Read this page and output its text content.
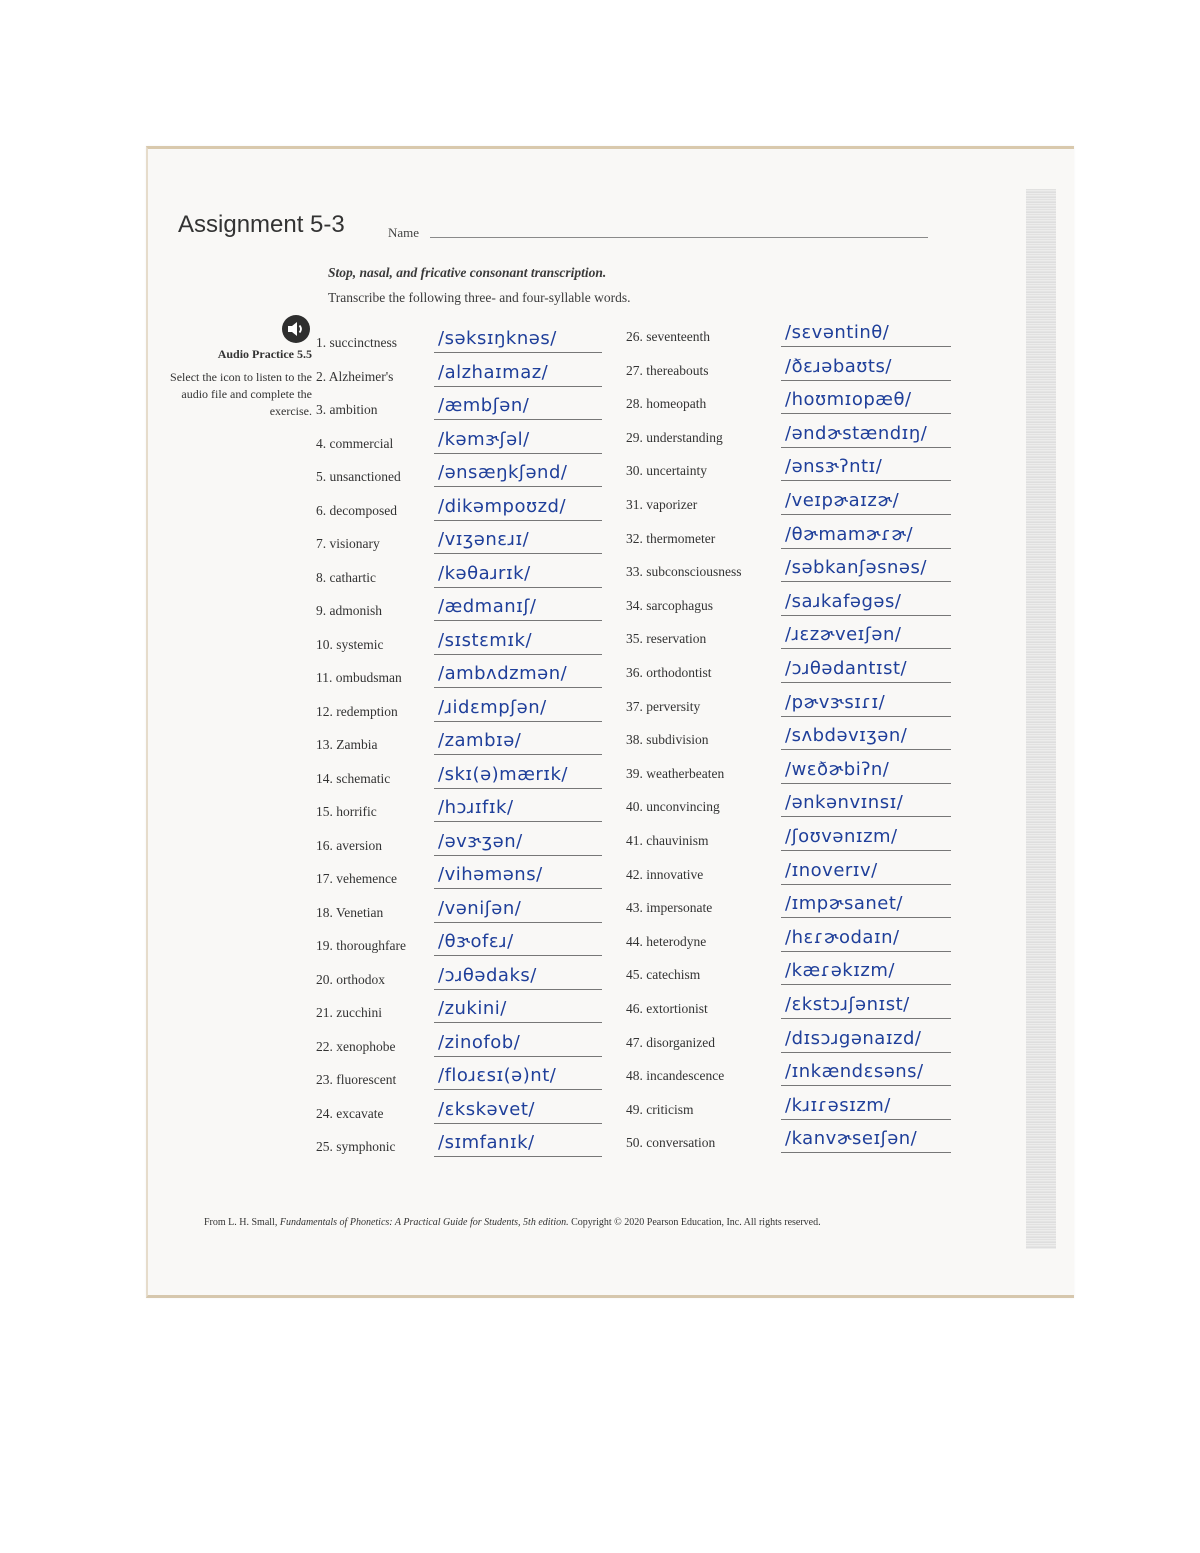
Assignment 5-3	Name
Stop, nasal, and fricative consonant transcription.
Transcribe the following three- and four-syllable words.
Audio Practice 5.5
Select the icon to listen to the audio file and complete the exercise.
1. succinctness /səksɪŋknəs/
2. Alzheimer's /alzhaɪmaz/
3. ambition	/æmbʃən/
4. commercial /kəmɝʃəl/
5. unsanctioned /ənsæŋkʃənd/
6. decomposed /dikəmpoʊzd/
7. visionary	/vɪʒənɛɹɪ/
8. cathartic	/kəθaɹrɪk/
9. admonish	/ædmanɪʃ/
10. systemic	/sɪstɛmɪk/
11. ombudsman /ambʌdzmən/
12. redemption /ɹidɛmpʃən/
13. Zambia	/zambɪə/
14. schematic	/skɪ(ə)mærɪk/
15. horrific	/hɔɹɪfɪk/
16. aversion	/əvɝʒən/
17. vehemence /vihəməns/
18. Venetian	/vəniʃən/
19. thoroughfare /θɝofɛɹ/
20. orthodox	/ɔɹθədaks/
21. zucchini	/zukini/
22. xenophobe /zinofob/
23. fluorescent /floɹɛsɪ(ə)nt/
24. excavate	/ɛkskəvet/
25. symphonic /sɪmfanɪk/
26. seventeenth	/sɛvəntinθ/
27. thereabouts	/ðɛɹəbaʊts/
28. homeopath	/hoʊmɪopæθ/
29. understanding	/əndɚstændɪŋ/
30. uncertainty	/ənsɝʔntɪ/
31. vaporizer	/veɪpɚaɪzɚ/
32. thermometer	/θɚmamɚɾɚ/
33. subconsciousness /səbkanʃəsnəs/
34. sarcophagus	/saɹkafəgəs/
35. reservation	/ɹɛzɚveɪʃən/
36. orthodontist	/ɔɹθədantɪst/
37. perversity	/pɚvɝsɪɾɪ/
38. subdivision	/sʌbdəvɪʒən/
39. weatherbeaten	/wɛðɚbiʔn/
40. unconvincing	/ənkənvɪnsɪ/
41. chauvinism	/ʃoʊvənɪzm/
42. innovative	/ɪnoverɪv/
43. impersonate	/ɪmpɚsanet/
44. heterodyne	/hɛɾɚodaɪn/
45. catechism	/kæɾəkɪzm/
46. extortionist	/ɛkstɔɹʃənɪst/
47. disorganized	/dɪsɔɹgənaɪzd/
48. incandescence	/ɪnkændɛsəns/
49. criticism	/kɹɪɾəsɪzm/
50. conversation	/kanvɚseɪʃən/
From L. H. Small, Fundamentals of Phonetics: A Practical Guide for Students, 5th edition. Copyright © 2020 Pearson Education, Inc. All rights reserved.
